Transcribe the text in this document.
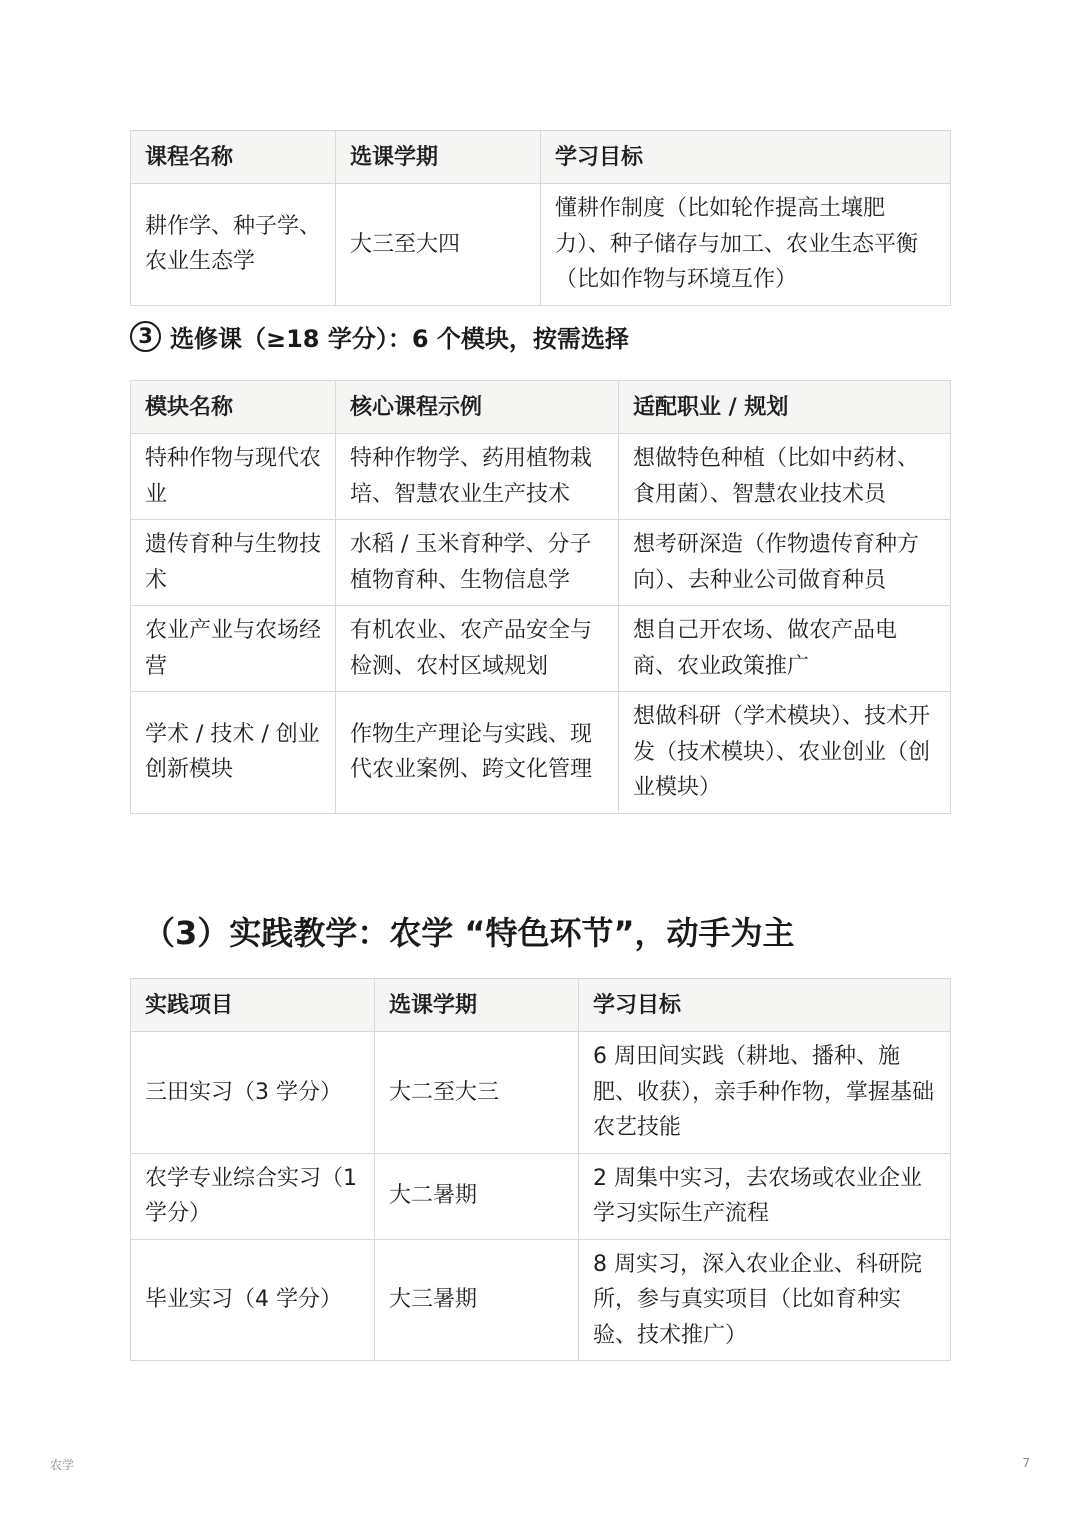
课程名称	选课学期	学习目标
耕作学、种子学、农业生态学	大三至大四	懂耕作制度（比如轮作提高土壤肥力）、种子储存与加工、农业生态平衡（比如作物与环境互作）
3 选修课（≥18 学分）：6 个模块，按需选择
模块名称	核心课程示例	适配职业 / 规划
特种作物与现代农业	特种作物学、药用植物栽培、智慧农业生产技术	想做特色种植（比如中药材、食用菌）、智慧农业技术员
遗传育种与生物技术	水稻 / 玉米育种学、分子植物育种、生物信息学	想考研深造（作物遗传育种方向）、去种业公司做育种员
农业产业与农场经营	有机农业、农产品安全与检测、农村区域规划	想自己开农场、做农产品电商、农业政策推广
学术 / 技术 / 创业创新模块	作物生产理论与实践、现代农业案例、跨文化管理	想做科研（学术模块）、技术开发（技术模块）、农业创业（创业模块）
（3）实践教学：农学 “特色环节”，动手为主
实践项目	选课学期	学习目标
三田实习（3 学分）	大二至大三	6 周田间实践（耕地、播种、施肥、收获），亲手种作物，掌握基础农艺技能
农学专业综合实习（1 学分）	大二暑期	2 周集中实习，去农场或农业企业学习实际生产流程
毕业实习（4 学分）	大三暑期	8 周实习，深入农业企业、科研院所，参与真实项目（比如育种实验、技术推广）
农学	7
